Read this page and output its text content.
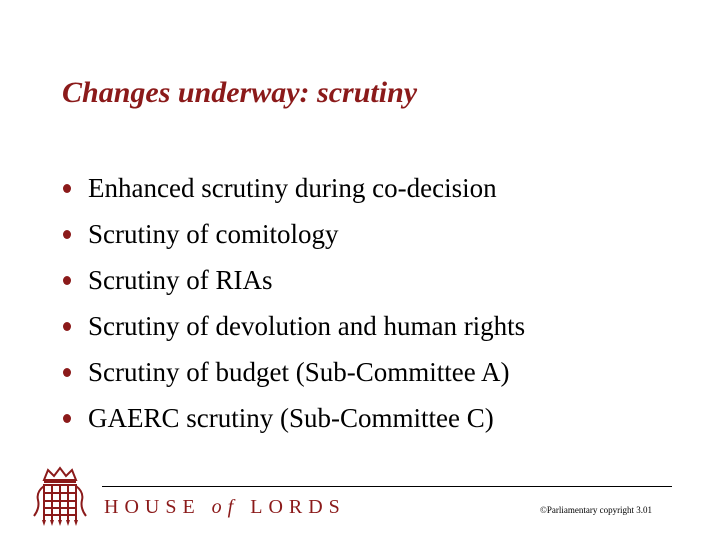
Changes underway: scrutiny
Enhanced scrutiny during co-decision
Scrutiny of comitology
Scrutiny of RIAs
Scrutiny of devolution and human rights
Scrutiny of budget (Sub-Committee A)
GAERC scrutiny (Sub-Committee C)
HOUSE of LORDS	©Parliamentary copyright 3.01
